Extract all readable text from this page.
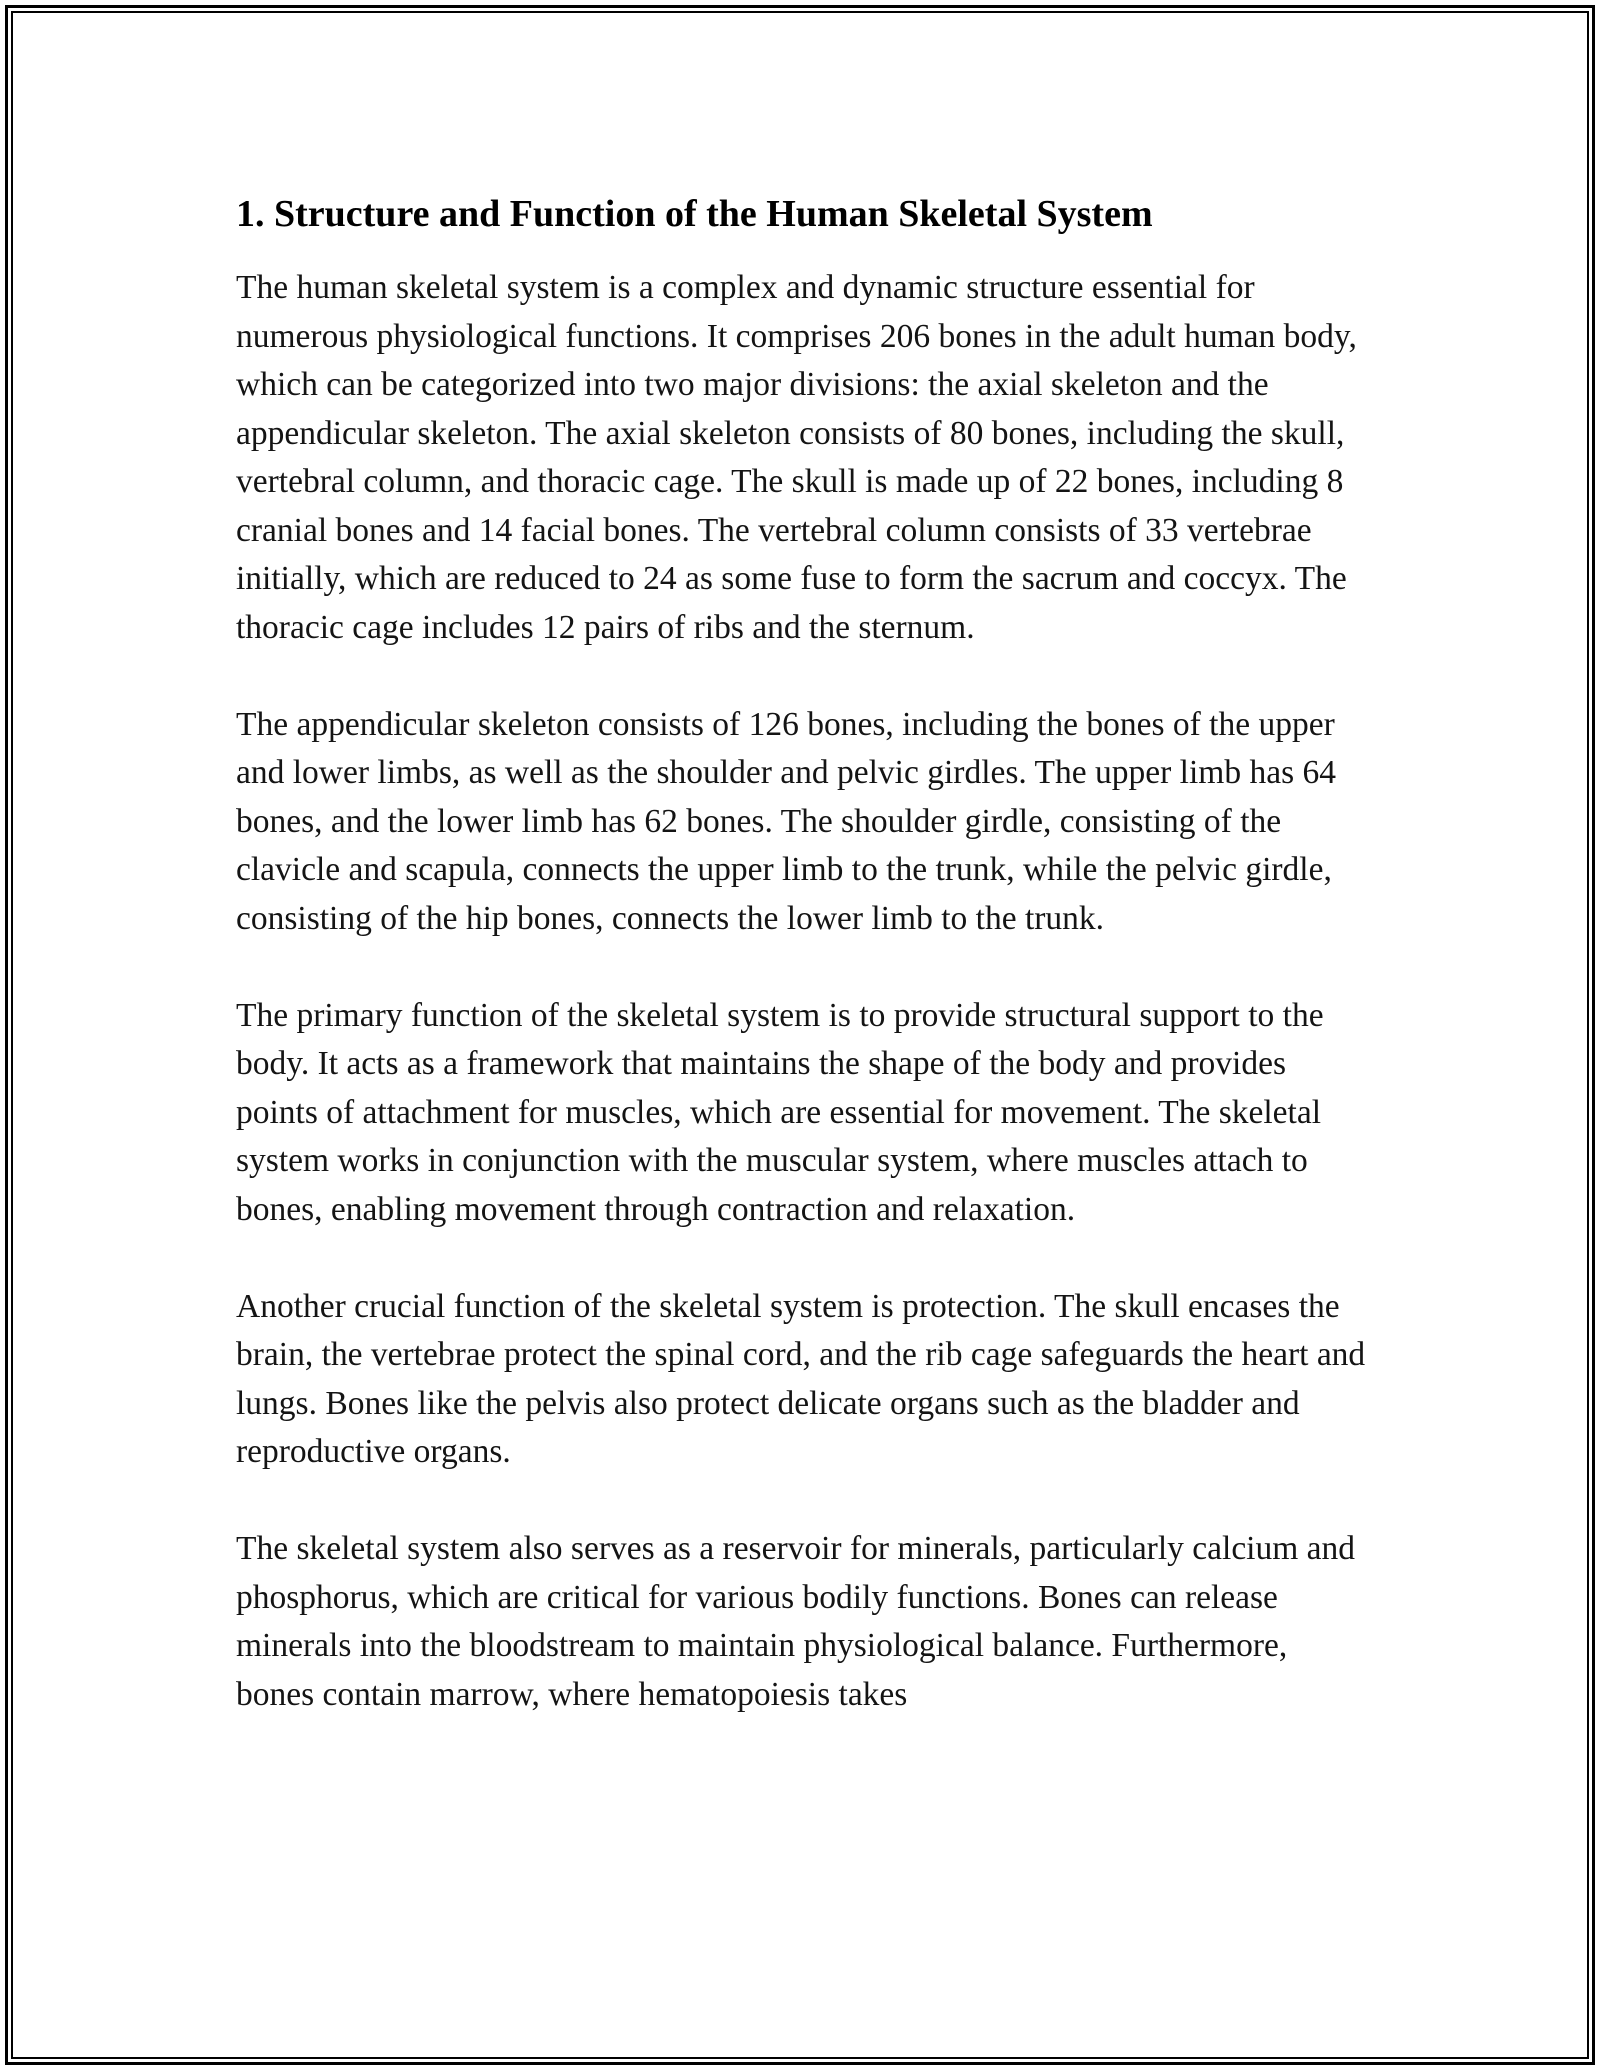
1. Structure and Function of the Human Skeletal System

The human skeletal system is a complex and dynamic structure essential for numerous physiological functions. It comprises 206 bones in the adult human body, which can be categorized into two major divisions: the axial skeleton and the appendicular skeleton. The axial skeleton consists of 80 bones, including the skull, vertebral column, and thoracic cage. The skull is made up of 22 bones, including 8 cranial bones and 14 facial bones. The vertebral column consists of 33 vertebrae initially, which are reduced to 24 as some fuse to form the sacrum and coccyx. The thoracic cage includes 12 pairs of ribs and the sternum.

The appendicular skeleton consists of 126 bones, including the bones of the upper and lower limbs, as well as the shoulder and pelvic girdles. The upper limb has 64 bones, and the lower limb has 62 bones. The shoulder girdle, consisting of the clavicle and scapula, connects the upper limb to the trunk, while the pelvic girdle, consisting of the hip bones, connects the lower limb to the trunk.

The primary function of the skeletal system is to provide structural support to the body. It acts as a framework that maintains the shape of the body and provides points of attachment for muscles, which are essential for movement. The skeletal system works in conjunction with the muscular system, where muscles attach to bones, enabling movement through contraction and relaxation.

Another crucial function of the skeletal system is protection. The skull encases the brain, the vertebrae protect the spinal cord, and the rib cage safeguards the heart and lungs. Bones like the pelvis also protect delicate organs such as the bladder and reproductive organs.

The skeletal system also serves as a reservoir for minerals, particularly calcium and phosphorus, which are critical for various bodily functions. Bones can release minerals into the bloodstream to maintain physiological balance. Furthermore, bones contain marrow, where hematopoiesis takes
